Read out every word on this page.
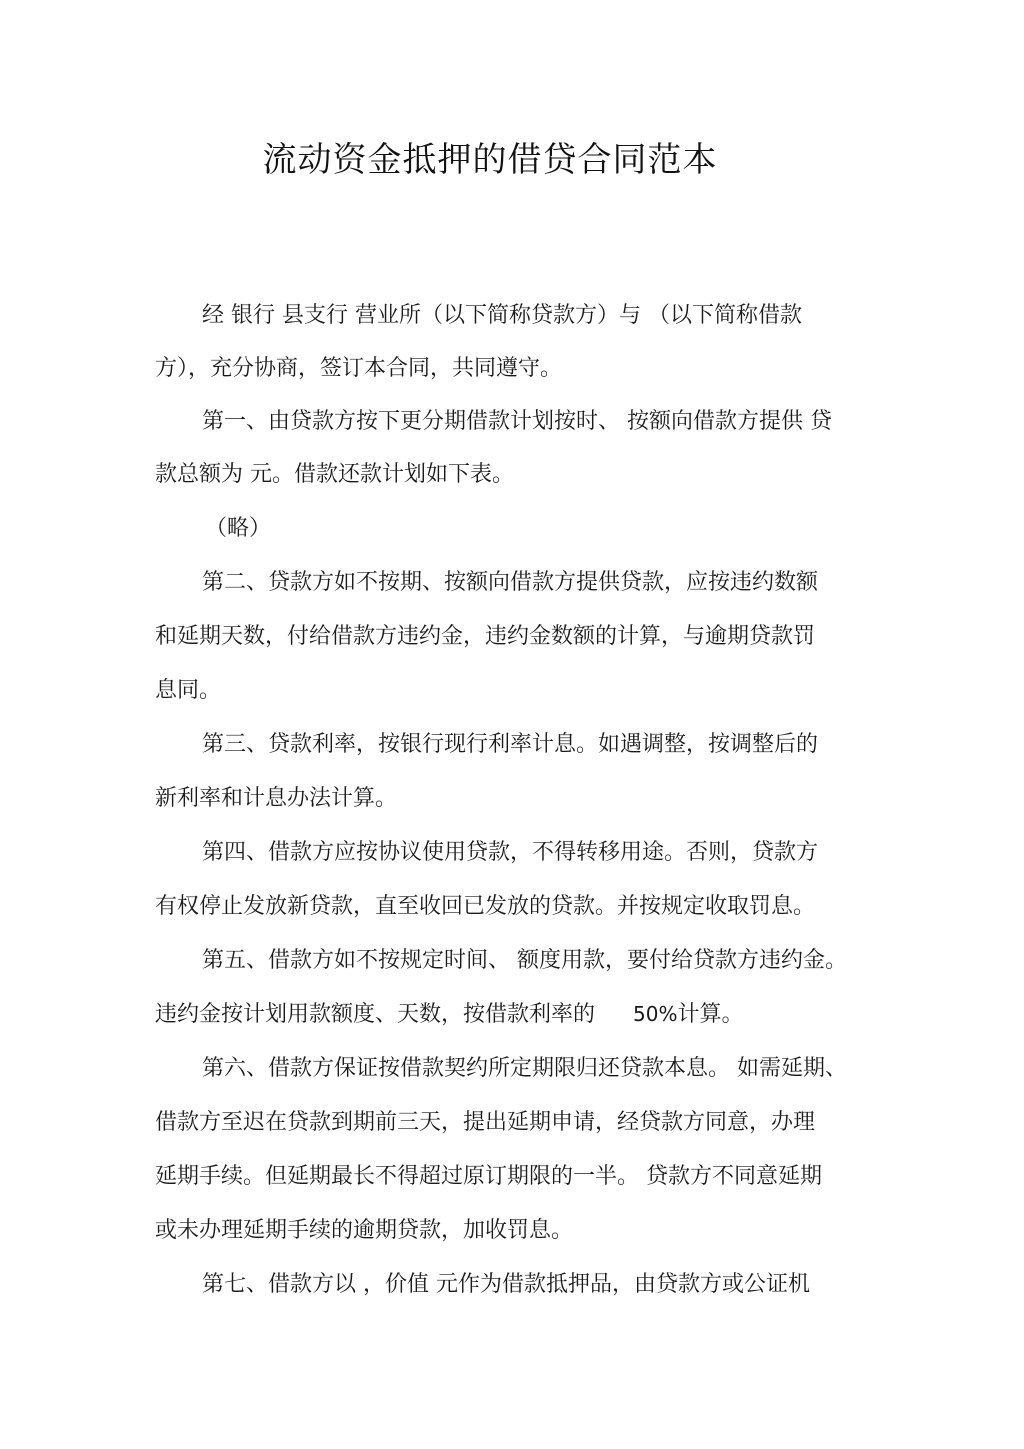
流动资金抵押的借贷合同范本
经 银行 县支行 营业所（以下简称贷款方）与 （以下简称借款
方），充分协商，签订本合同，共同遵守。
第一、由贷款方按下更分期借款计划按时、 按额向借款方提供 贷
款总额为 元。借款还款计划如下表。
（略）
第二、贷款方如不按期、按额向借款方提供贷款，应按违约数额
和延期天数，付给借款方违约金，违约金数额的计算，与逾期贷款罚
息同。
第三、贷款利率，按银行现行利率计息。如遇调整，按调整后的
新利率和计息办法计算。
第四、借款方应按协议使用贷款，不得转移用途。否则，贷款方
有权停止发放新贷款，直至收回已发放的贷款。并按规定收取罚息。
第五、借款方如不按规定时间、 额度用款，要付给贷款方违约金。
违约金按计划用款额度、天数，按借款利率的 50%计算。
第六、借款方保证按借款契约所定期限归还贷款本息。 如需延期、
借款方至迟在贷款到期前三天，提出延期申请，经贷款方同意，办理
延期手续。但延期最长不得超过原订期限的一半。 贷款方不同意延期
或未办理延期手续的逾期贷款，加收罚息。
第七、借款方以 ，价值 元作为借款抵押品，由贷款方或公证机
